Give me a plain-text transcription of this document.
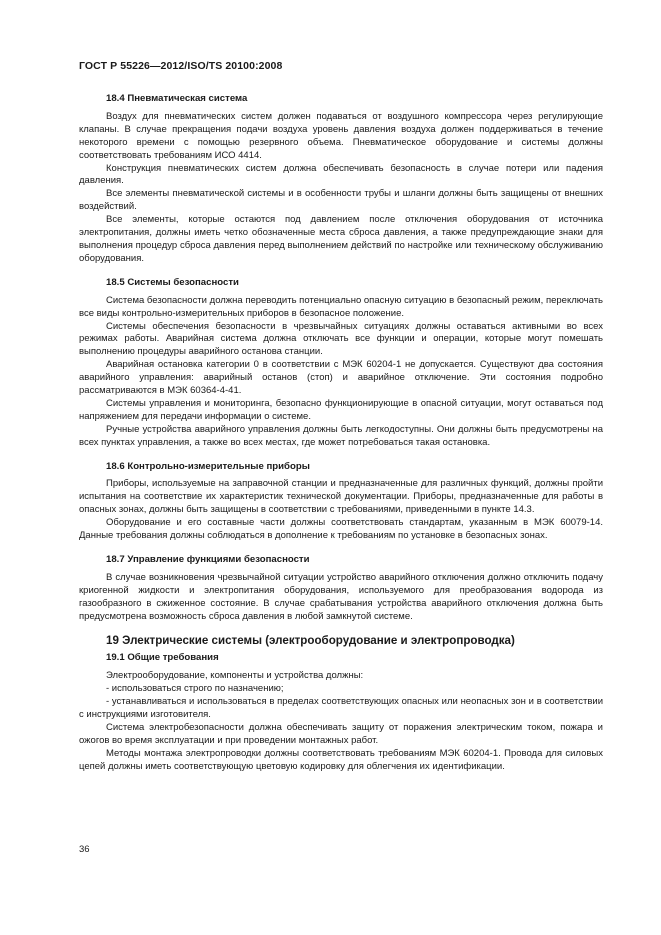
ГОСТ Р 55226—2012/ISO/TS 20100:2008
18.4 Пневматическая система

Воздух для пневматических систем должен подаваться от воздушного компрессора через регулирующие клапаны. В случае прекращения подачи воздуха уровень давления воздуха должен поддерживаться в течение некоторого времени с помощью резервного объема. Пневматическое оборудование и системы должны соответствовать требованиям ИСО 4414.

Конструкция пневматических систем должна обеспечивать безопасность в случае потери или падения давления.

Все элементы пневматической системы и в особенности трубы и шланги должны быть защищены от внешних воздействий.

Все элементы, которые остаются под давлением после отключения оборудования от источника электропитания, должны иметь четко обозначенные места сброса давления, а также предупреждающие знаки для выполнения процедур сброса давления перед выполнением действий по настройке или техническому обслуживанию оборудования.

18.5 Системы безопасности

Система безопасности должна переводить потенциально опасную ситуацию в безопасный режим, переключать все виды контрольно-измерительных приборов в безопасное положение.

Системы обеспечения безопасности в чрезвычайных ситуациях должны оставаться активными во всех режимах работы. Аварийная система должна отключать все функции и операции, которые могут помешать выполнению процедуры аварийного останова станции.

Аварийная остановка категории 0 в соответствии с МЭК 60204-1 не допускается. Существуют два состояния аварийного управления: аварийный останов (стоп) и аварийное отключение. Эти состояния подробно рассматриваются в МЭК 60364-4-41.

Системы управления и мониторинга, безопасно функционирующие в опасной ситуации, могут оставаться под напряжением для передачи информации о системе.

Ручные устройства аварийного управления должны быть легкодоступны. Они должны быть предусмотрены на всех пунктах управления, а также во всех местах, где может потребоваться такая остановка.

18.6 Контрольно-измерительные приборы

Приборы, используемые на заправочной станции и предназначенные для различных функций, должны пройти испытания на соответствие их характеристик технической документации. Приборы, предназначенные для работы в опасных зонах, должны быть защищены в соответствии с требованиями, приведенными в пункте 14.3.

Оборудование и его составные части должны соответствовать стандартам, указанным в МЭК 60079-14. Данные требования должны соблюдаться в дополнение к требованиям по установке в безопасных зонах.

18.7 Управление функциями безопасности

В случае возникновения чрезвычайной ситуации устройство аварийного отключения должно отключить подачу криогенной жидкости и электропитания оборудования, используемого для преобразования водорода из газообразного в сжиженное состояние. В случае срабатывания устройства аварийного отключения должна быть предусмотрена возможность сброса давления в любой замкнутой системе.

19 Электрические системы (электрооборудование и электропроводка)
19.1 Общие требования

Электрооборудование, компоненты и устройства должны:

- использоваться строго по назначению;

- устанавливаться и использоваться в пределах соответствующих опасных или неопасных зон и в соответствии с инструкциями изготовителя.

Система электробезопасности должна обеспечивать защиту от поражения электрическим током, пожара и ожогов во время эксплуатации и при проведении монтажных работ.

Методы монтажа электропроводки должны соответствовать требованиям МЭК 60204-1. Провода для силовых цепей должны иметь соответствующую цветовую кодировку для облегчения их идентификации.

36
